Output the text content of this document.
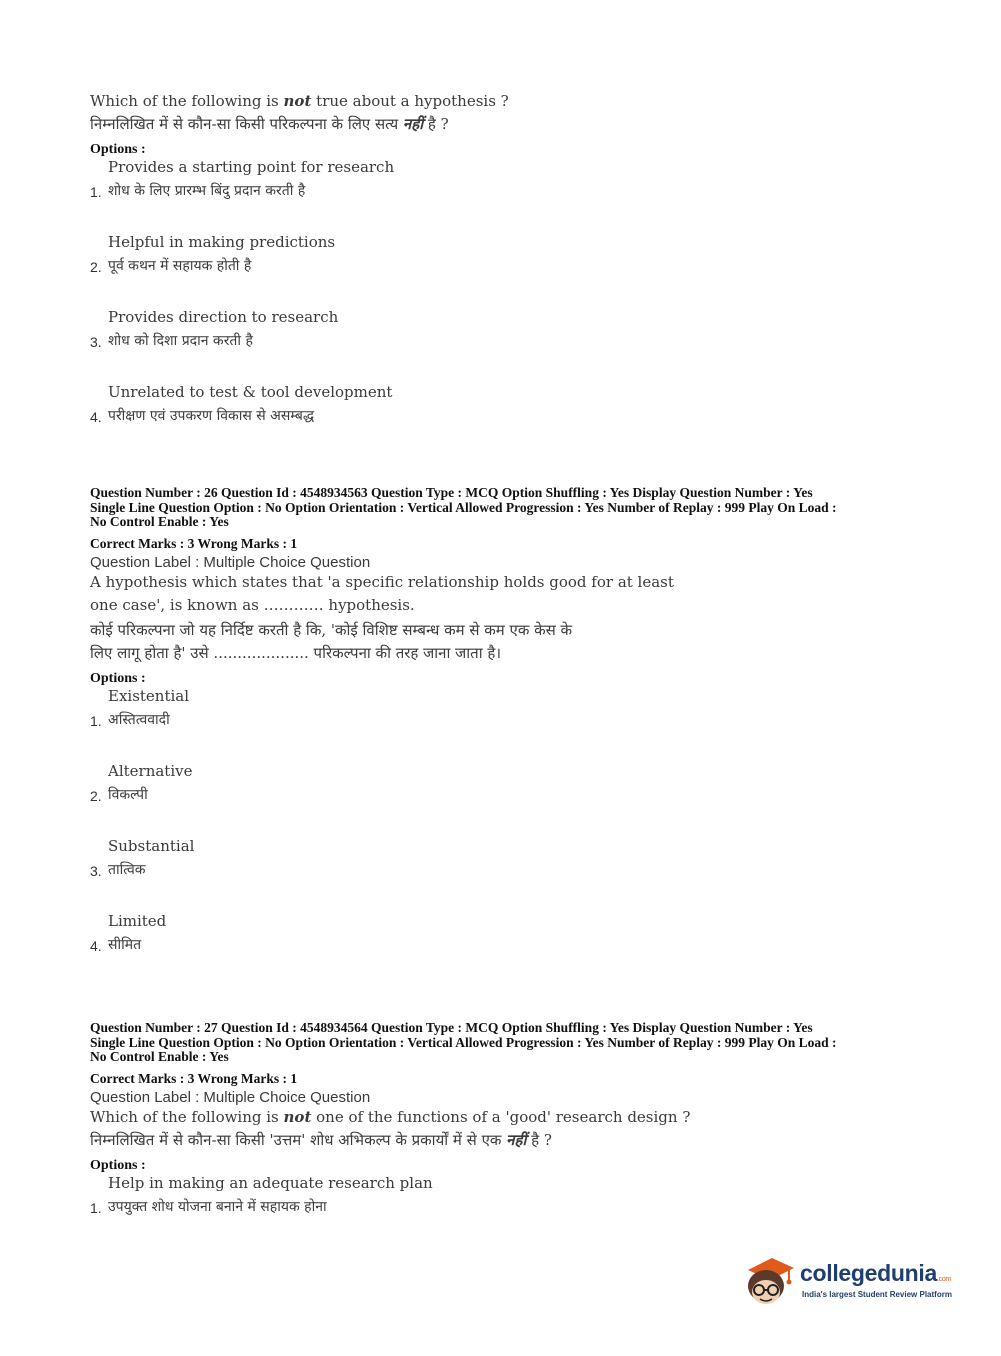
Which of the following is not true about a hypothesis ?
निम्नलिखित में से कौन-सा किसी परिकल्पना के लिए सत्य नहीं है ?
Options :
Provides a starting point for research
1. शोध के लिए प्रारम्भ बिंदु प्रदान करती है
Helpful in making predictions
2. पूर्व कथन में सहायक होती है
Provides direction to research
3. शोध को दिशा प्रदान करती है
Unrelated to test & tool development
4. परीक्षण एवं उपकरण विकास से असम्बद्ध
Question Number : 26 Question Id : 4548934563 Question Type : MCQ Option Shuffling : Yes Display Question Number : Yes
Single Line Question Option : No Option Orientation : Vertical Allowed Progression : Yes Number of Replay : 999 Play On Load :
No Control Enable : Yes
Correct Marks : 3 Wrong Marks : 1
Question Label : Multiple Choice Question
A hypothesis which states that 'a specific relationship holds good for at least
one case', is known as ………… hypothesis.
कोई परिकल्पना जो यह निर्दिष्ट करती है कि, 'कोई विशिष्ट सम्बन्ध कम से कम एक केस के
लिए लागू होता है' उसे .................... परिकल्पना की तरह जाना जाता है।
Options :
Existential
1. अस्तित्ववादी
Alternative
2. विकल्पी
Substantial
3. तात्विक
Limited
4. सीमित
Question Number : 27 Question Id : 4548934564 Question Type : MCQ Option Shuffling : Yes Display Question Number : Yes
Single Line Question Option : No Option Orientation : Vertical Allowed Progression : Yes Number of Replay : 999 Play On Load :
No Control Enable : Yes
Correct Marks : 3 Wrong Marks : 1
Question Label : Multiple Choice Question
Which of the following is not one of the functions of a 'good' research design ?
निम्नलिखित में से कौन-सा किसी 'उत्तम' शोध अभिकल्प के प्रकार्यों में से एक नहीं है ?
Options :
Help in making an adequate research plan
1. उपयुक्त शोध योजना बनाने में सहायक होना
collegedunia.com
India's largest Student Review Platform
